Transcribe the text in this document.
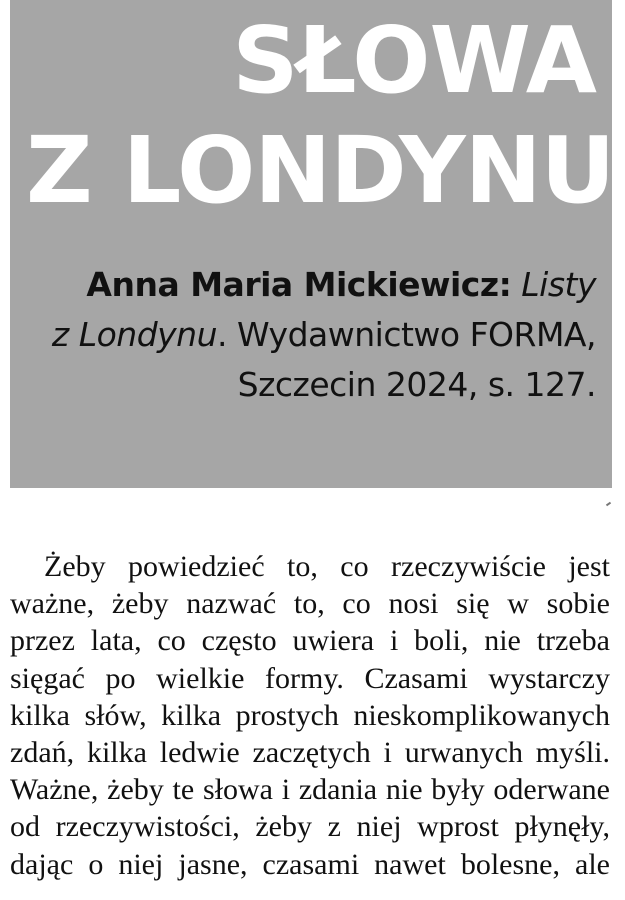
SŁOWA
Z LONDYNU
Anna Maria Mickiewicz: Listy
z Londynu. Wydawnictwo FORMA,
Szczecin 2024, s. 127.
Żeby powiedzieć to, co rzeczywiście jest
ważne, żeby nazwać to, co nosi się w sobie
przez lata, co często uwiera i boli, nie trzeba
sięgać po wielkie formy. Czasami wystarczy
kilka słów, kilka prostych nieskomplikowanych
zdań, kilka ledwie zaczętych i urwanych myśli.
Ważne, żeby te słowa i zdania nie były oderwane
od rzeczywistości, żeby z niej wprost płynęły,
dając o niej jasne, czasami nawet bolesne, ale
